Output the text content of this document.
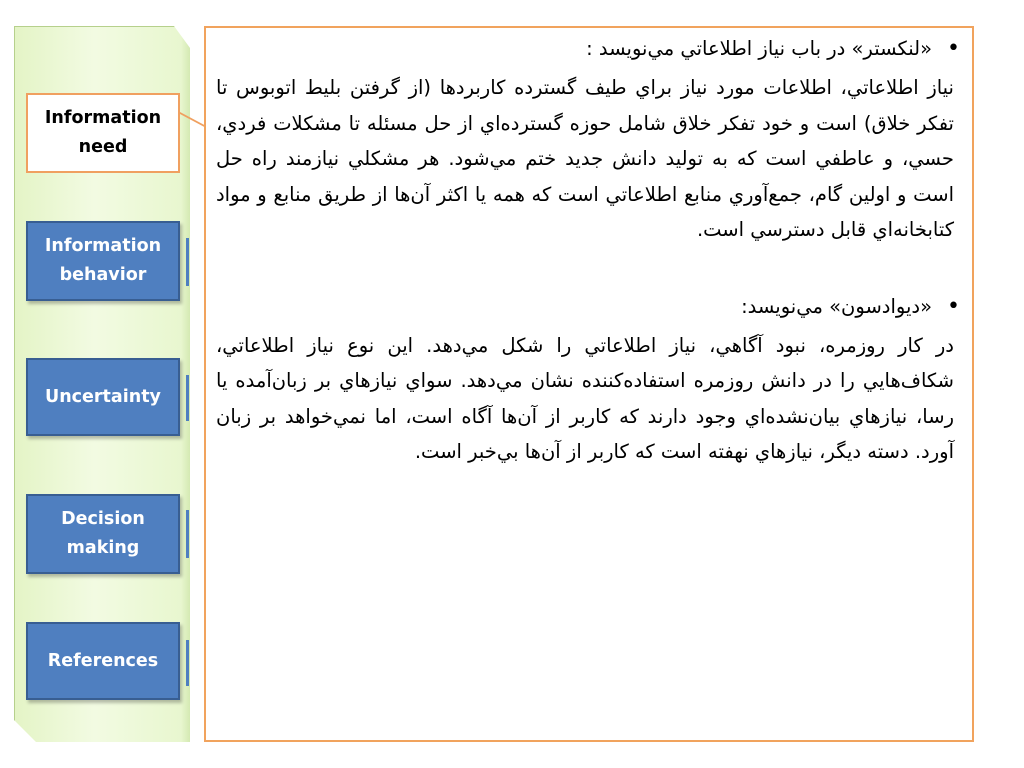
Information
need
Information
behavior
Uncertainty
Decision
making
References

• «لنکستر» در باب نياز اطلاعاتي مي‌نويسد :

نياز اطلاعاتي، اطلاعات مورد نياز براي طيف گسترده کاربردها (از گرفتن بليط اتوبوس تا تفکر خلاق) است و خود تفکر خلاق شامل حوزه گسترده‌اي از حل مسئله تا مشکلات فردي، حسي، و عاطفي است که به توليد دانش جديد ختم مي‌شود. هر مشکلي نيازمند راه حل است و اولين گام، جمع‌آوري منابع اطلاعاتي است که همه يا اکثر آن‌ها از طريق منابع و مواد کتابخانه‌اي قابل دسترسي است.

• «ديوادسون» مي‌نويسد:

در کار روزمره، نبود آگاهي، نياز اطلاعاتي را شکل مي‌دهد. اين نوع نياز اطلاعاتي، شکاف‌هايي را در دانش روزمره استفاده‌کننده نشان مي‌دهد. سواي نيازهاي بر زبان‌آمده يا رسا، نيازهاي بيان‌نشده‌اي وجود دارند که کاربر از آن‌ها آگاه است، اما نمي‌خواهد بر زبان آورد. دسته ديگر، نيازهاي نهفته است که کاربر از آن‌ها بي‌خبر است.
